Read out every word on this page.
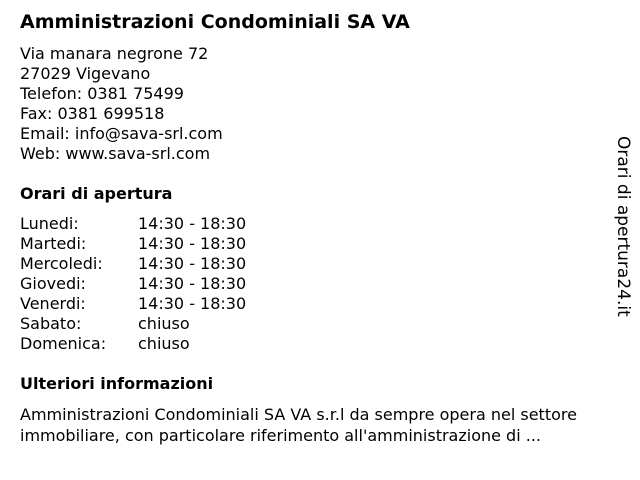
Amministrazioni Condominiali SA VA
Via manara negrone 72
27029 Vigevano
Telefon: 0381 75499
Fax: 0381 699518
Email: info@sava-srl.com
Web: www.sava-srl.com
Orari di apertura
Lunedi:	14:30 - 18:30
Martedi:	14:30 - 18:30
Mercoledi:	14:30 - 18:30
Giovedi:	14:30 - 18:30
Venerdi:	14:30 - 18:30
Sabato:	chiuso
Domenica:	chiuso
Ulteriori informazioni
Amministrazioni Condominiali SA VA s.r.l da sempre opera nel settore
immobiliare, con particolare riferimento all'amministrazione di ...
Orari di apertura24.it
